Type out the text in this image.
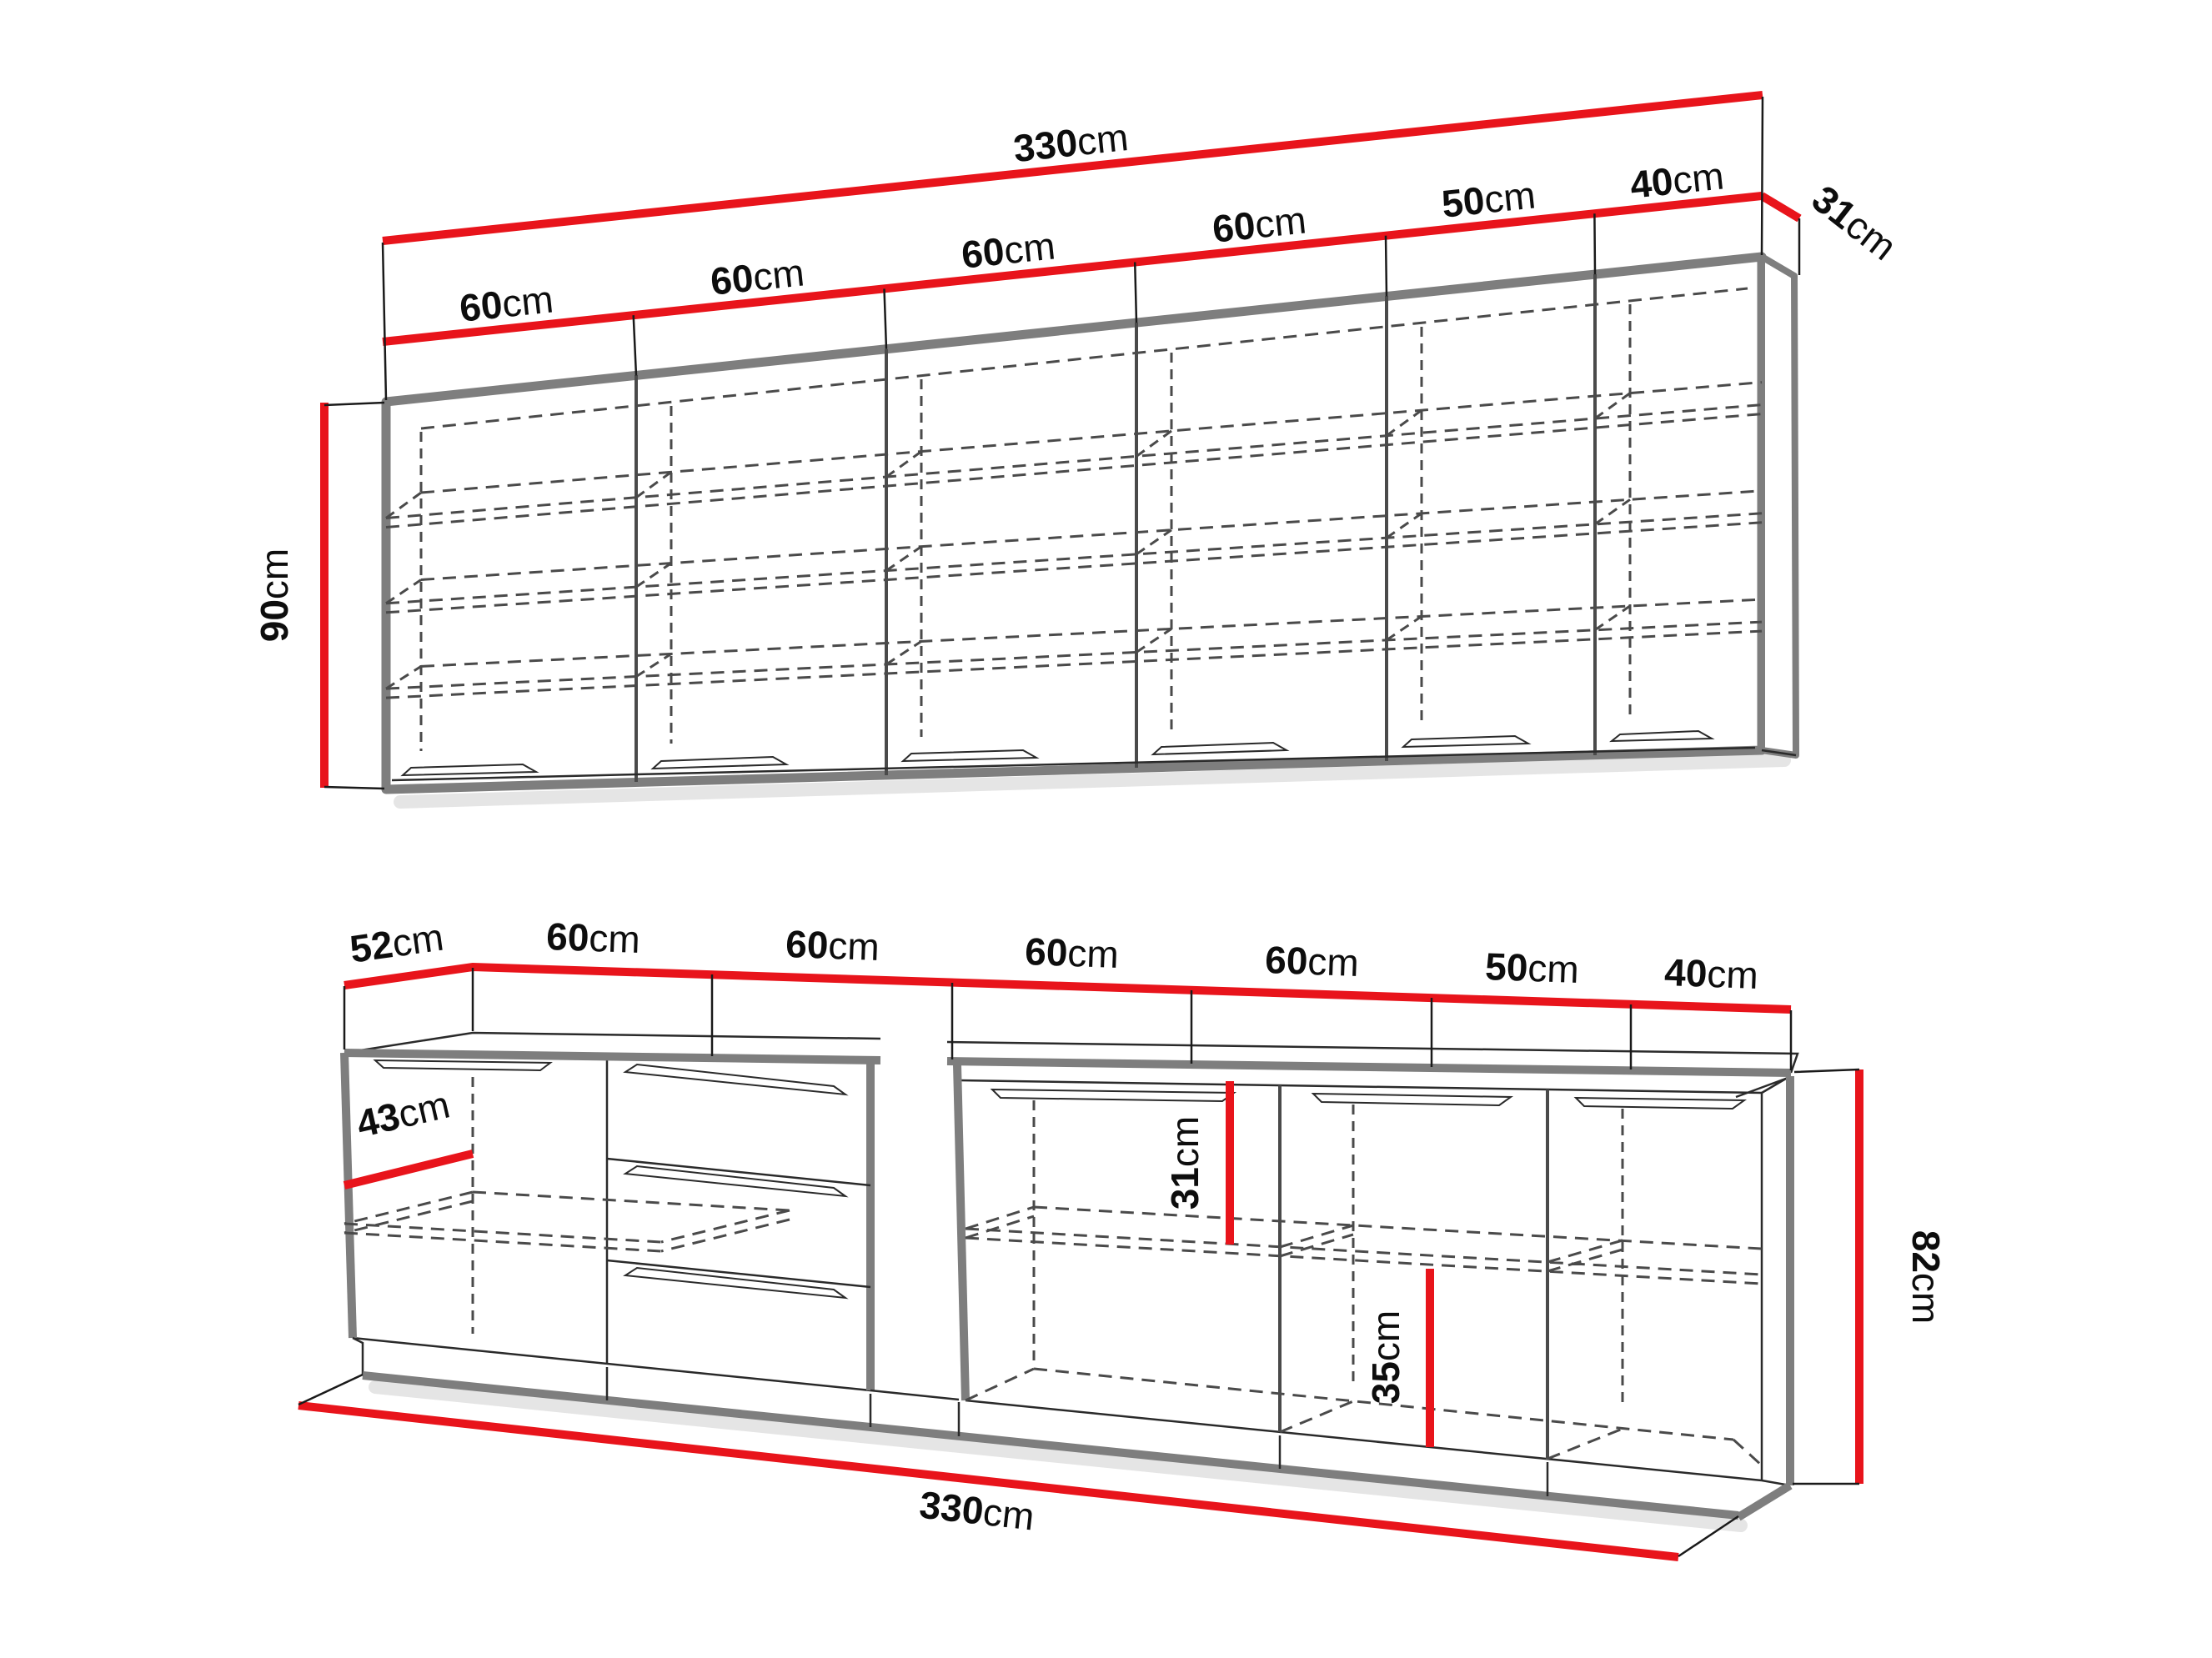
330cm
60cm	60cm	60cm	60cm	50cm 40cm 31cm
90cm
52cm	60cm	60cm	60cm	60cm	50cm 40cm
43cm
31cm
35cm
82cm
330cm
